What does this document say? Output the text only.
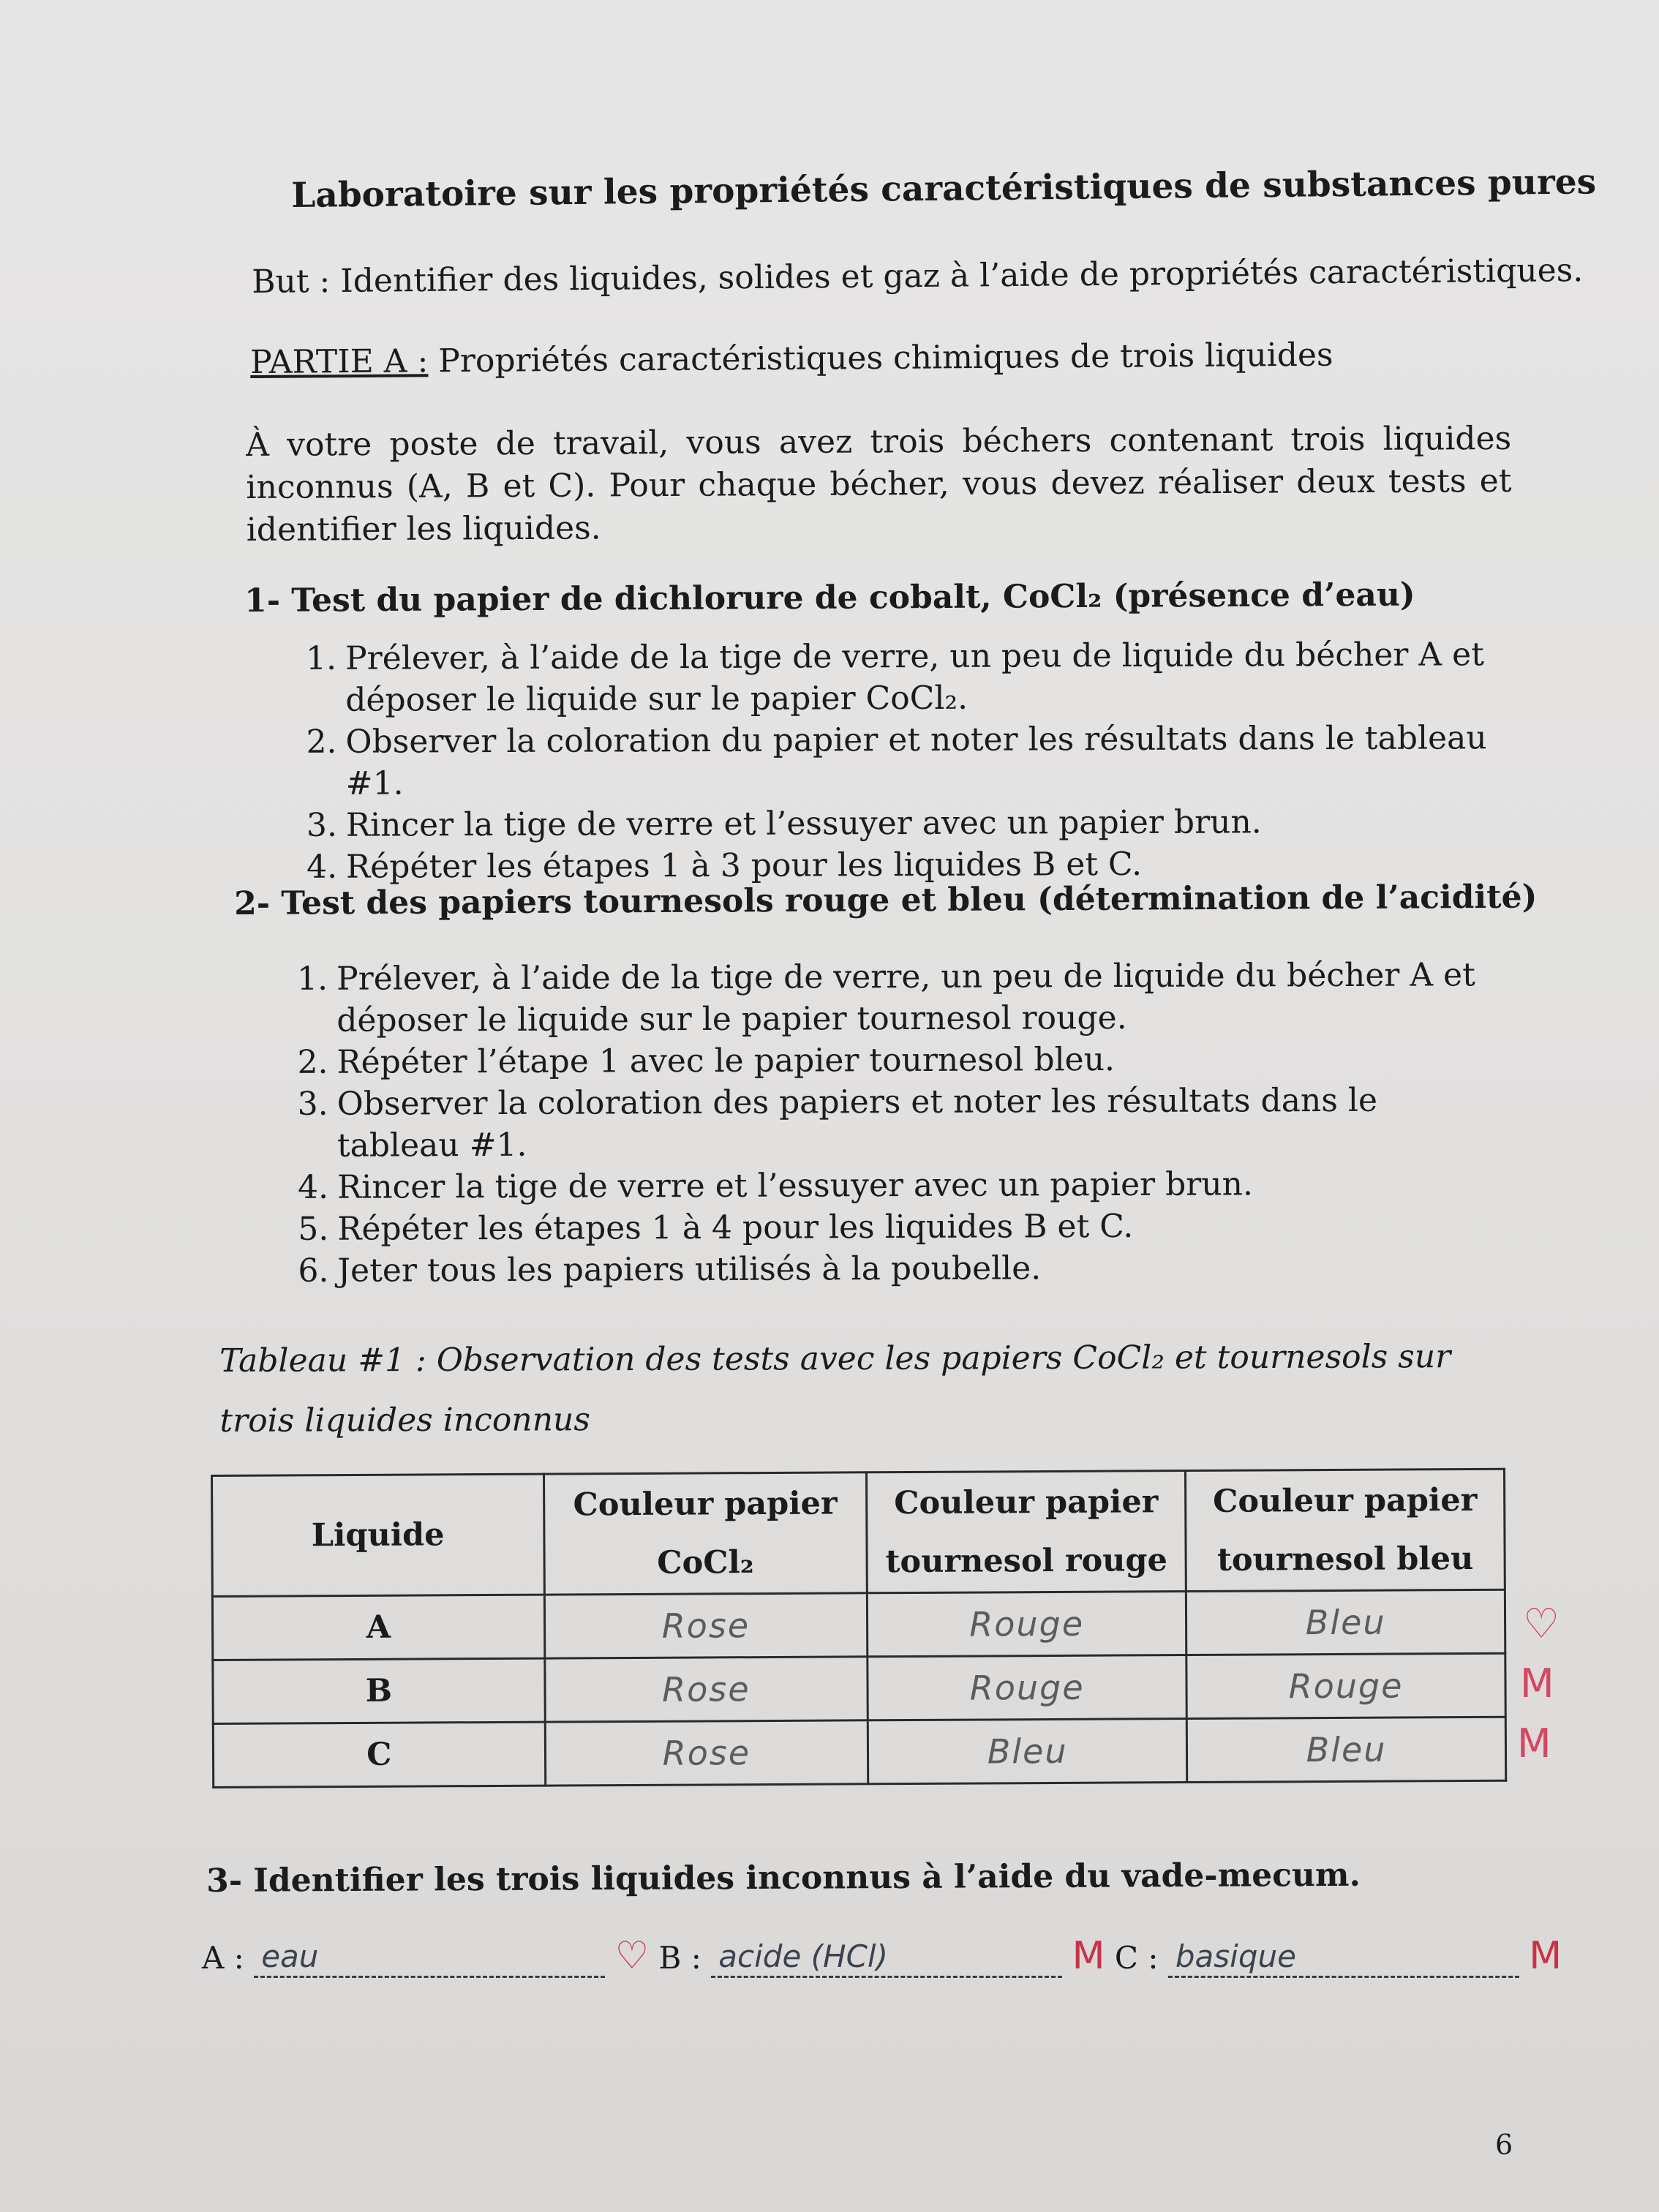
Laboratoire sur les propriétés caractéristiques de substances pures
But : Identifier des liquides, solides et gaz à l’aide de propriétés caractéristiques.
PARTIE A : Propriétés caractéristiques chimiques de trois liquides
À votre poste de travail, vous avez trois béchers contenant trois liquides inconnus (A, B et C). Pour chaque bécher, vous devez réaliser deux tests et identifier les liquides.
1- Test du papier de dichlorure de cobalt, CoCl₂ (présence d’eau)
1. Prélever, à l’aide de la tige de verre, un peu de liquide du bécher A et déposer le liquide sur le papier CoCl₂.
2. Observer la coloration du papier et noter les résultats dans le tableau #1.
3. Rincer la tige de verre et l’essuyer avec un papier brun.
4. Répéter les étapes 1 à 3 pour les liquides B et C.
2- Test des papiers tournesols rouge et bleu (détermination de l’acidité)
1. Prélever, à l’aide de la tige de verre, un peu de liquide du bécher A et déposer le liquide sur le papier tournesol rouge.
2. Répéter l’étape 1 avec le papier tournesol bleu.
3. Observer la coloration des papiers et noter les résultats dans le tableau #1.
4. Rincer la tige de verre et l’essuyer avec un papier brun.
5. Répéter les étapes 1 à 4 pour les liquides B et C.
6. Jeter tous les papiers utilisés à la poubelle.
Tableau #1 : Observation des tests avec les papiers CoCl₂ et tournesols sur trois liquides inconnus
Liquide	Couleur papier CoCl₂	Couleur papier tournesol rouge	Couleur papier tournesol bleu
A	Rose	Rouge	Bleu
B	Rose	Rouge	Rouge
C	Rose	Bleu	Bleu
♡
M
M
3- Identifier les trois liquides inconnus à l’aide du vade-mecum.
A : eau	♡ B : acide (HCl)	M C : basique	M
6
